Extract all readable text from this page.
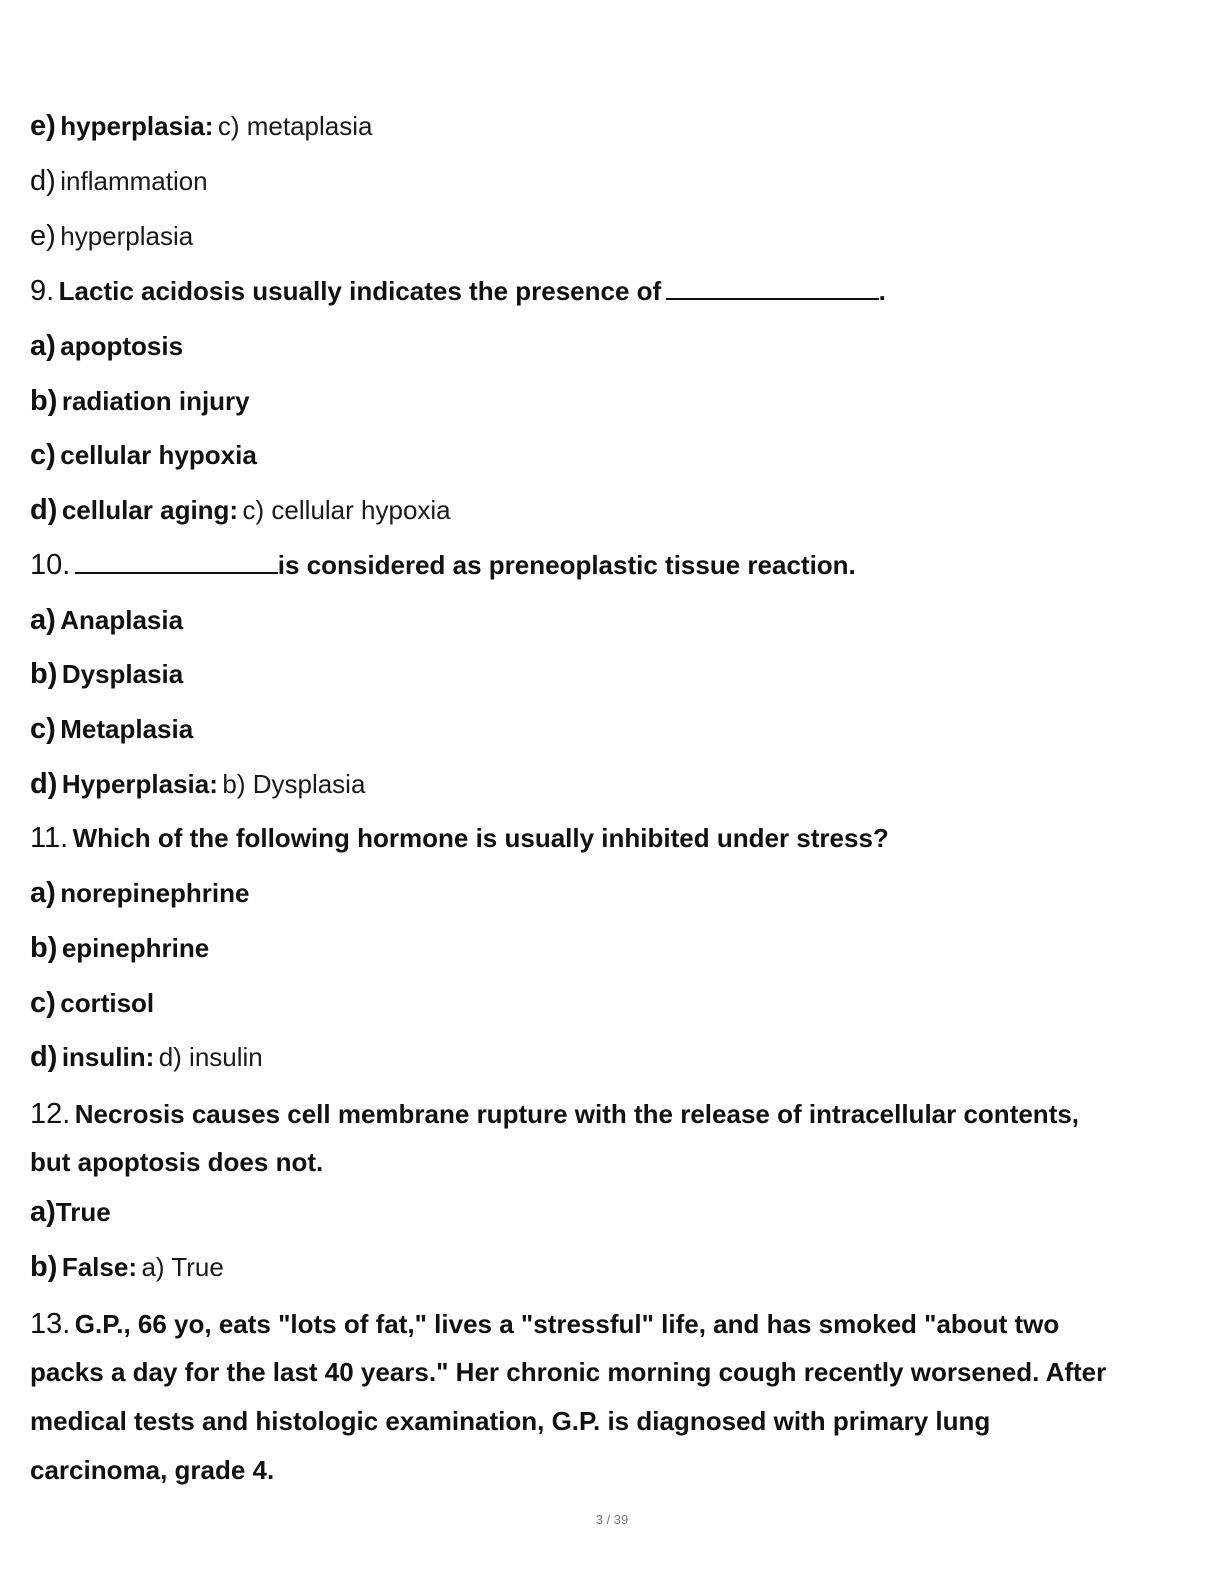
e) hyperplasia: c) metaplasia
d) inflammation
e) hyperplasia
9. Lactic acidosis usually indicates the presence of	.
a) apoptosis
b) radiation injury
c) cellular hypoxia
d) cellular aging: c) cellular hypoxia
10.	is considered as preneoplastic tissue reaction.
a) Anaplasia
b) Dysplasia
c) Metaplasia
d) Hyperplasia: b) Dysplasia
11. Which of the following hormone is usually inhibited under stress?
a) norepinephrine
b) epinephrine
c) cortisol
d) insulin: d) insulin
12. Necrosis causes cell membrane rupture with the release of intracellular contents,
but apoptosis does not.
a)True
b) False: a) True
13. G.P., 66 yo, eats "lots of fat," lives a "stressful" life, and has smoked "about two
packs a day for the last 40 years." Her chronic morning cough recently worsened. After
medical tests and histologic examination, G.P. is diagnosed with primary lung
carcinoma, grade 4.
3 / 39
